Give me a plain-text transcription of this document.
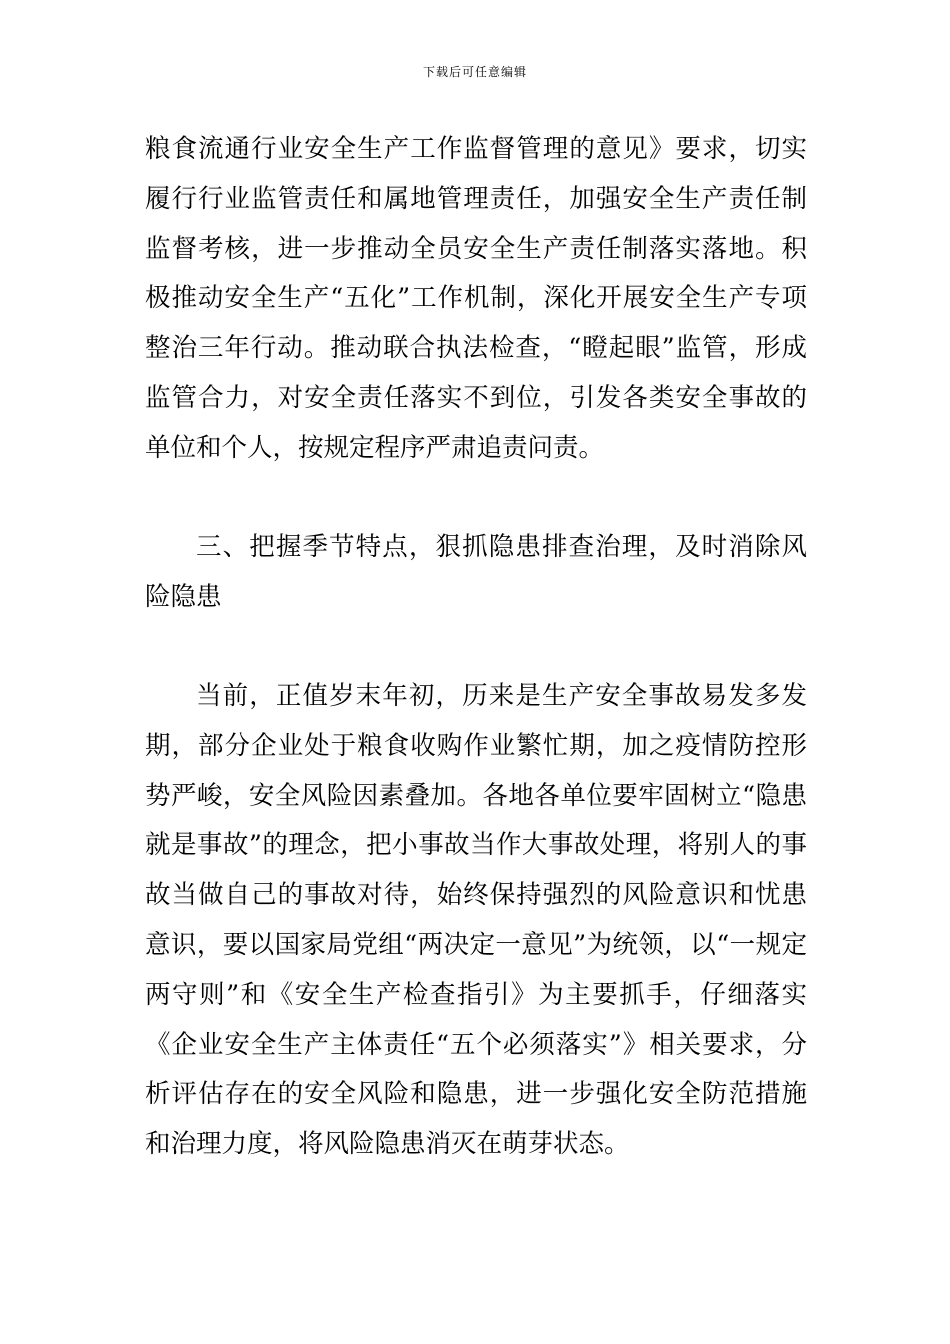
下载后可任意编辑

粮食流通行业安全生产工作监督管理的意见》要求，切实履行行业监管责任和属地管理责任，加强安全生产责任制监督考核，进一步推动全员安全生产责任制落实落地。积极推动安全生产“五化”工作机制，深化开展安全生产专项整治三年行动。推动联合执法检查，“瞪起眼”监管，形成监管合力，对安全责任落实不到位，引发各类安全事故的单位和个人，按规定程序严肃追责问责。

三、把握季节特点，狠抓隐患排查治理，及时消除风险隐患

当前，正值岁末年初，历来是生产安全事故易发多发期，部分企业处于粮食收购作业繁忙期，加之疫情防控形势严峻，安全风险因素叠加。各地各单位要牢固树立“隐患就是事故”的理念，把小事故当作大事故处理，将别人的事故当做自己的事故对待，始终保持强烈的风险意识和忧患意识，要以国家局党组“两决定一意见”为统领，以“一规定两守则”和《安全生产检查指引》为主要抓手，仔细落实《企业安全生产主体责任“五个必须落实”》相关要求，分析评估存在的安全风险和隐患，进一步强化安全防范措施和治理力度，将风险隐患消灭在萌芽状态。
